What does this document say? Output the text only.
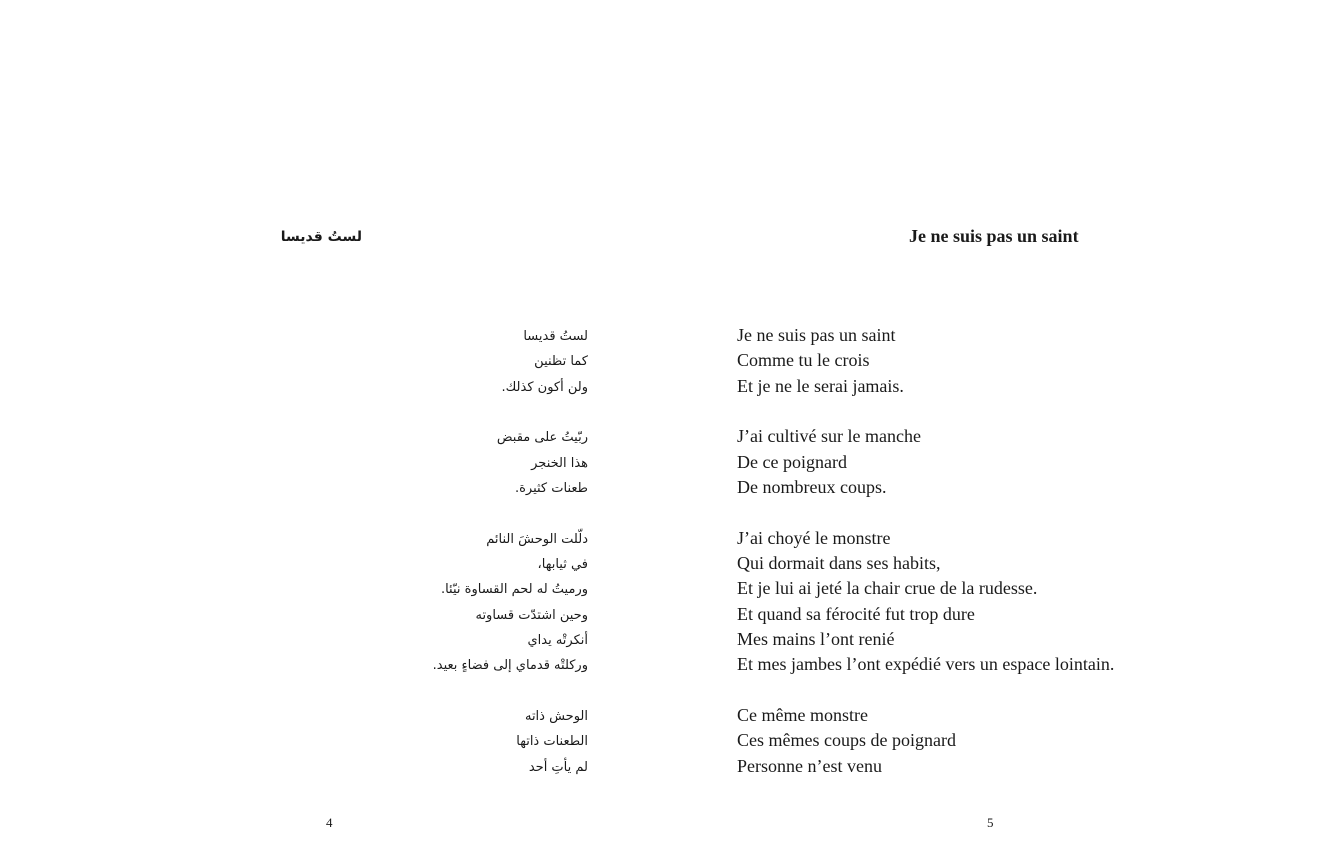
لستُ قديسا
لستُ قديسا
كما تظنين
ولن أكون كذلك.
ربّيتُ على مقبض
هذا الخنجر
طعنات كثيرة.
دلّلت الوحشَ النائم
في ثيابها،
ورميتُ له لحم القساوة نيّئا.
وحين اشتدّت قساوته
أنكرتْه يداي
وركلتْه قدماي إلى فضاءٍ بعيد.
الوحش ذاته
الطعنات ذاتها
لم يأتِ أحد
4
Je ne suis pas un saint
Je ne suis pas un saint
Comme tu le crois
Et je ne le serai jamais.
J’ai cultivé sur le manche
De ce poignard
De nombreux coups.
J’ai choyé le monstre
Qui dormait dans ses habits,
Et je lui ai jeté la chair crue de la rudesse.
Et quand sa férocité fut trop dure
Mes mains l’ont renié
Et mes jambes l’ont expédié vers un espace lointain.
Ce même monstre
Ces mêmes coups de poignard
Personne n’est venu
5
